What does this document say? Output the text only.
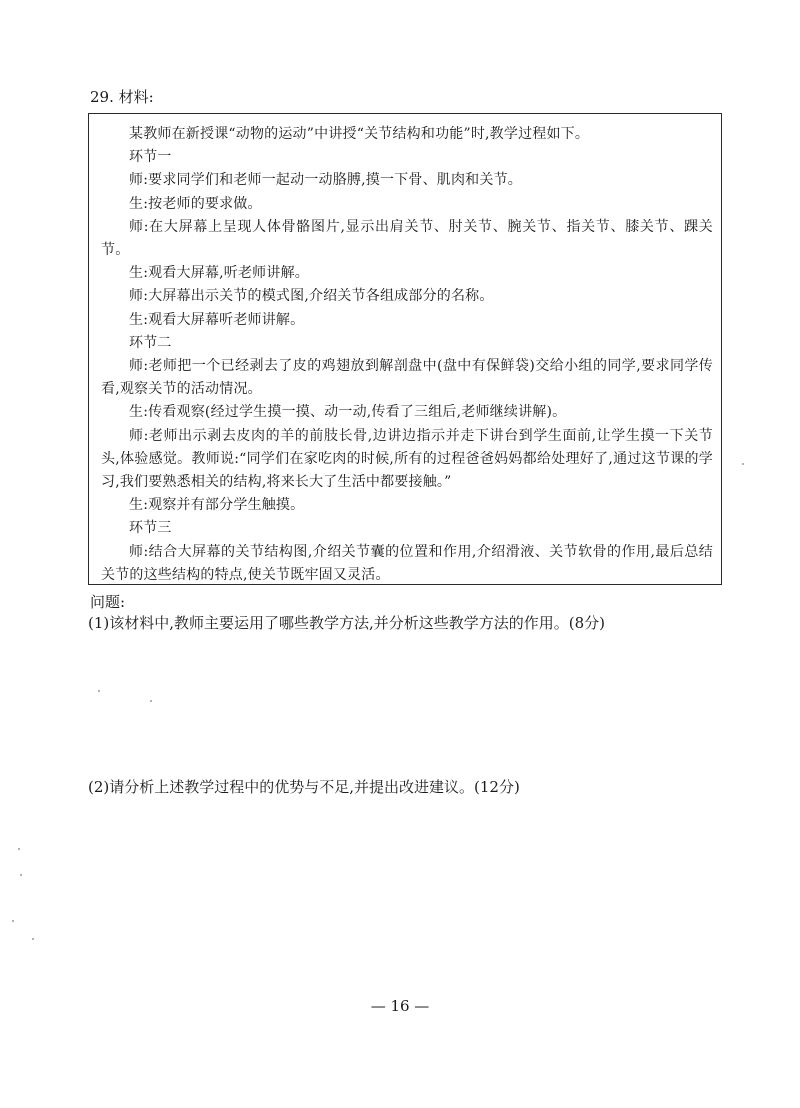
29. 材料:

某教师在新授课“动物的运动”中讲授“关节结构和功能”时,教学过程如下。

环节一

师:要求同学们和老师一起动一动胳膊,摸一下骨、肌肉和关节。

生:按老师的要求做。

师:在大屏幕上呈现人体骨骼图片,显示出肩关节、肘关节、腕关节、指关节、膝关节、踝关节。

生:观看大屏幕,听老师讲解。

师:大屏幕出示关节的模式图,介绍关节各组成部分的名称。

生:观看大屏幕听老师讲解。

环节二

师:老师把一个已经剥去了皮的鸡翅放到解剖盘中(盘中有保鲜袋)交给小组的同学,要求同学传看,观察关节的活动情况。

生:传看观察(经过学生摸一摸、动一动,传看了三组后,老师继续讲解)。

师:老师出示剥去皮肉的羊的前肢长骨,边讲边指示并走下讲台到学生面前,让学生摸一下关节头,体验感觉。教师说:“同学们在家吃肉的时候,所有的过程爸爸妈妈都给处理好了,通过这节课的学习,我们要熟悉相关的结构,将来长大了生活中都要接触。”

生:观察并有部分学生触摸。

环节三

师:结合大屏幕的关节结构图,介绍关节囊的位置和作用,介绍滑液、关节软骨的作用,最后总结关节的这些结构的特点,使关节既牢固又灵活。

问题:
(1)该材料中,教师主要运用了哪些教学方法,并分析这些教学方法的作用。(8分)
(2)请分析上述教学过程中的优势与不足,并提出改进建议。(12分)
— 16 —
